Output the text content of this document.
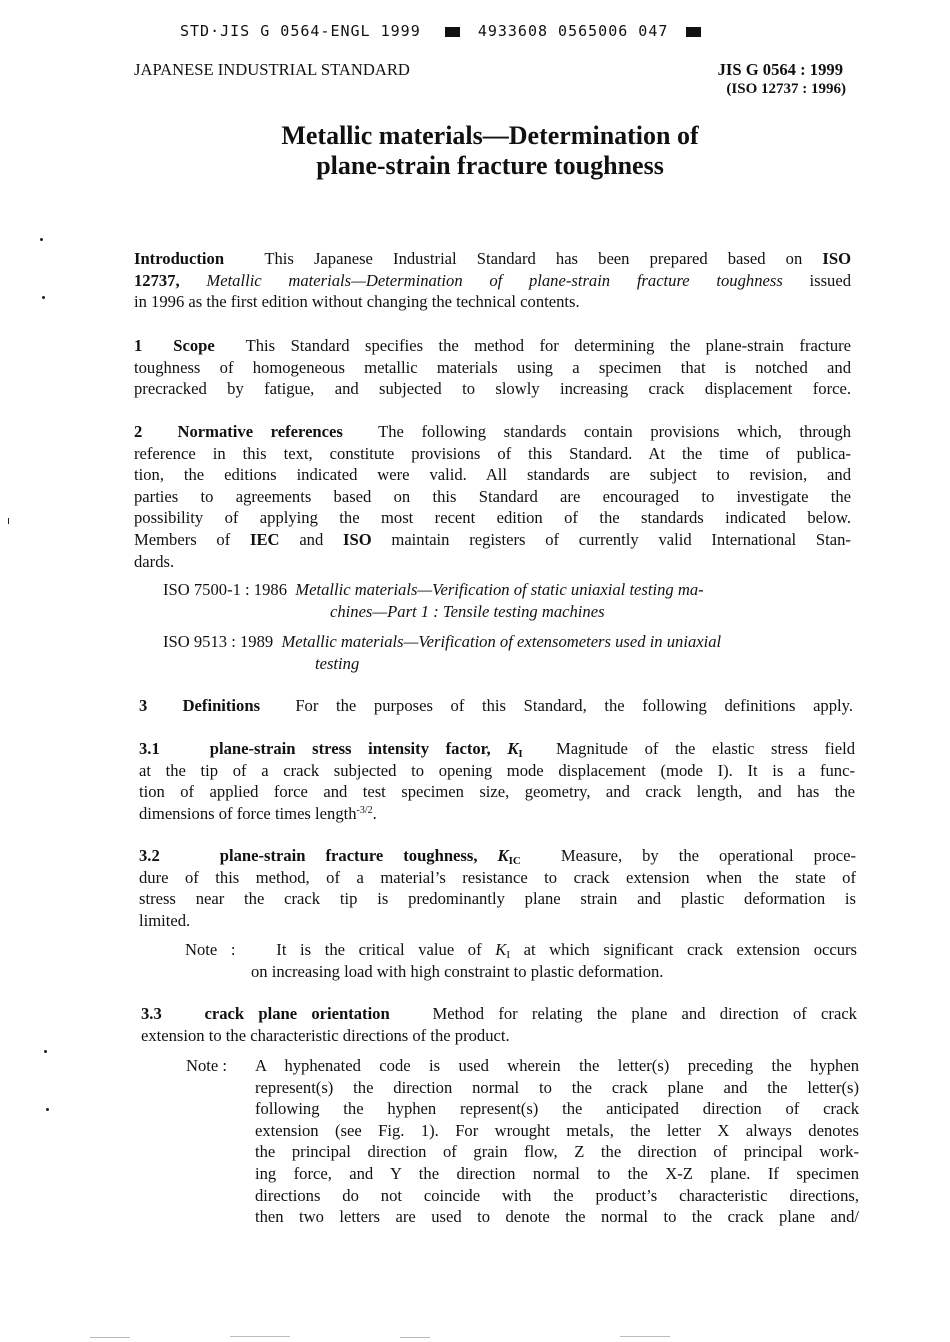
STD·JIS G 0564-ENGL 1999	4933608 0565006 047
JAPANESE INDUSTRIAL STANDARD	JIS G 0564 : 1999
(ISO 12737 : 1996)
Metallic materials—Determination of
plane-strain fracture toughness
Introduction This Japanese Industrial Standard has been prepared based on ISO
12737, Metallic materials—Determination of plane-strain fracture toughness issued
in 1996 as the first edition without changing the technical contents.
1 Scope This Standard specifies the method for determining the plane-strain fracture
toughness of homogeneous metallic materials using a specimen that is notched and
precracked by fatigue, and subjected to slowly increasing crack displacement force.
2 Normative references The following standards contain provisions which, through
reference in this text, constitute provisions of this Standard. At the time of publica-
tion, the editions indicated were valid. All standards are subject to revision, and
parties to agreements based on this Standard are encouraged to investigate the
possibility of applying the most recent edition of the standards indicated below.
Members of IEC and ISO maintain registers of currently valid International Stan-
dards.
ISO 7500-1 : 1986 Metallic materials—Verification of static uniaxial testing ma-
chines—Part 1 : Tensile testing machines
ISO 9513 : 1989 Metallic materials—Verification of extensometers used in uniaxial
testing
3 Definitions For the purposes of this Standard, the following definitions apply.
3.1	plane-strain stress intensity factor, $K_I$ Magnitude of the elastic stress field
at the tip of a crack subjected to opening mode displacement (mode I). It is a func-
tion of applied force and test specimen size, geometry, and crack length, and has the
dimensions of force times length$^{-3/2}$.
3.2	plane-strain fracture toughness, $K_{IC}$ Measure, by the operational proce-
dure of this method, of a material’s resistance to crack extension when the state of
stress near the crack tip is predominantly plane strain and plastic deformation is
limited.
Note : It is the critical value of $K_I$ at which significant crack extension occurs
on increasing load with high constraint to plastic deformation.
3.3	crack plane orientation	Method for relating the plane and direction of crack
extension to the characteristic directions of the product.
Note : A hyphenated code is used wherein the letter(s) preceding the hyphen
represent(s) the direction normal to the crack plane and the letter(s)
following the hyphen represent(s) the anticipated direction of crack
extension (see Fig. 1). For wrought metals, the letter X always denotes
the principal direction of grain flow, Z the direction of principal work-
ing force, and Y the direction normal to the X-Z plane. If specimen
directions do not coincide with the product’s characteristic directions,
then two letters are used to denote the normal to the crack plane and/
